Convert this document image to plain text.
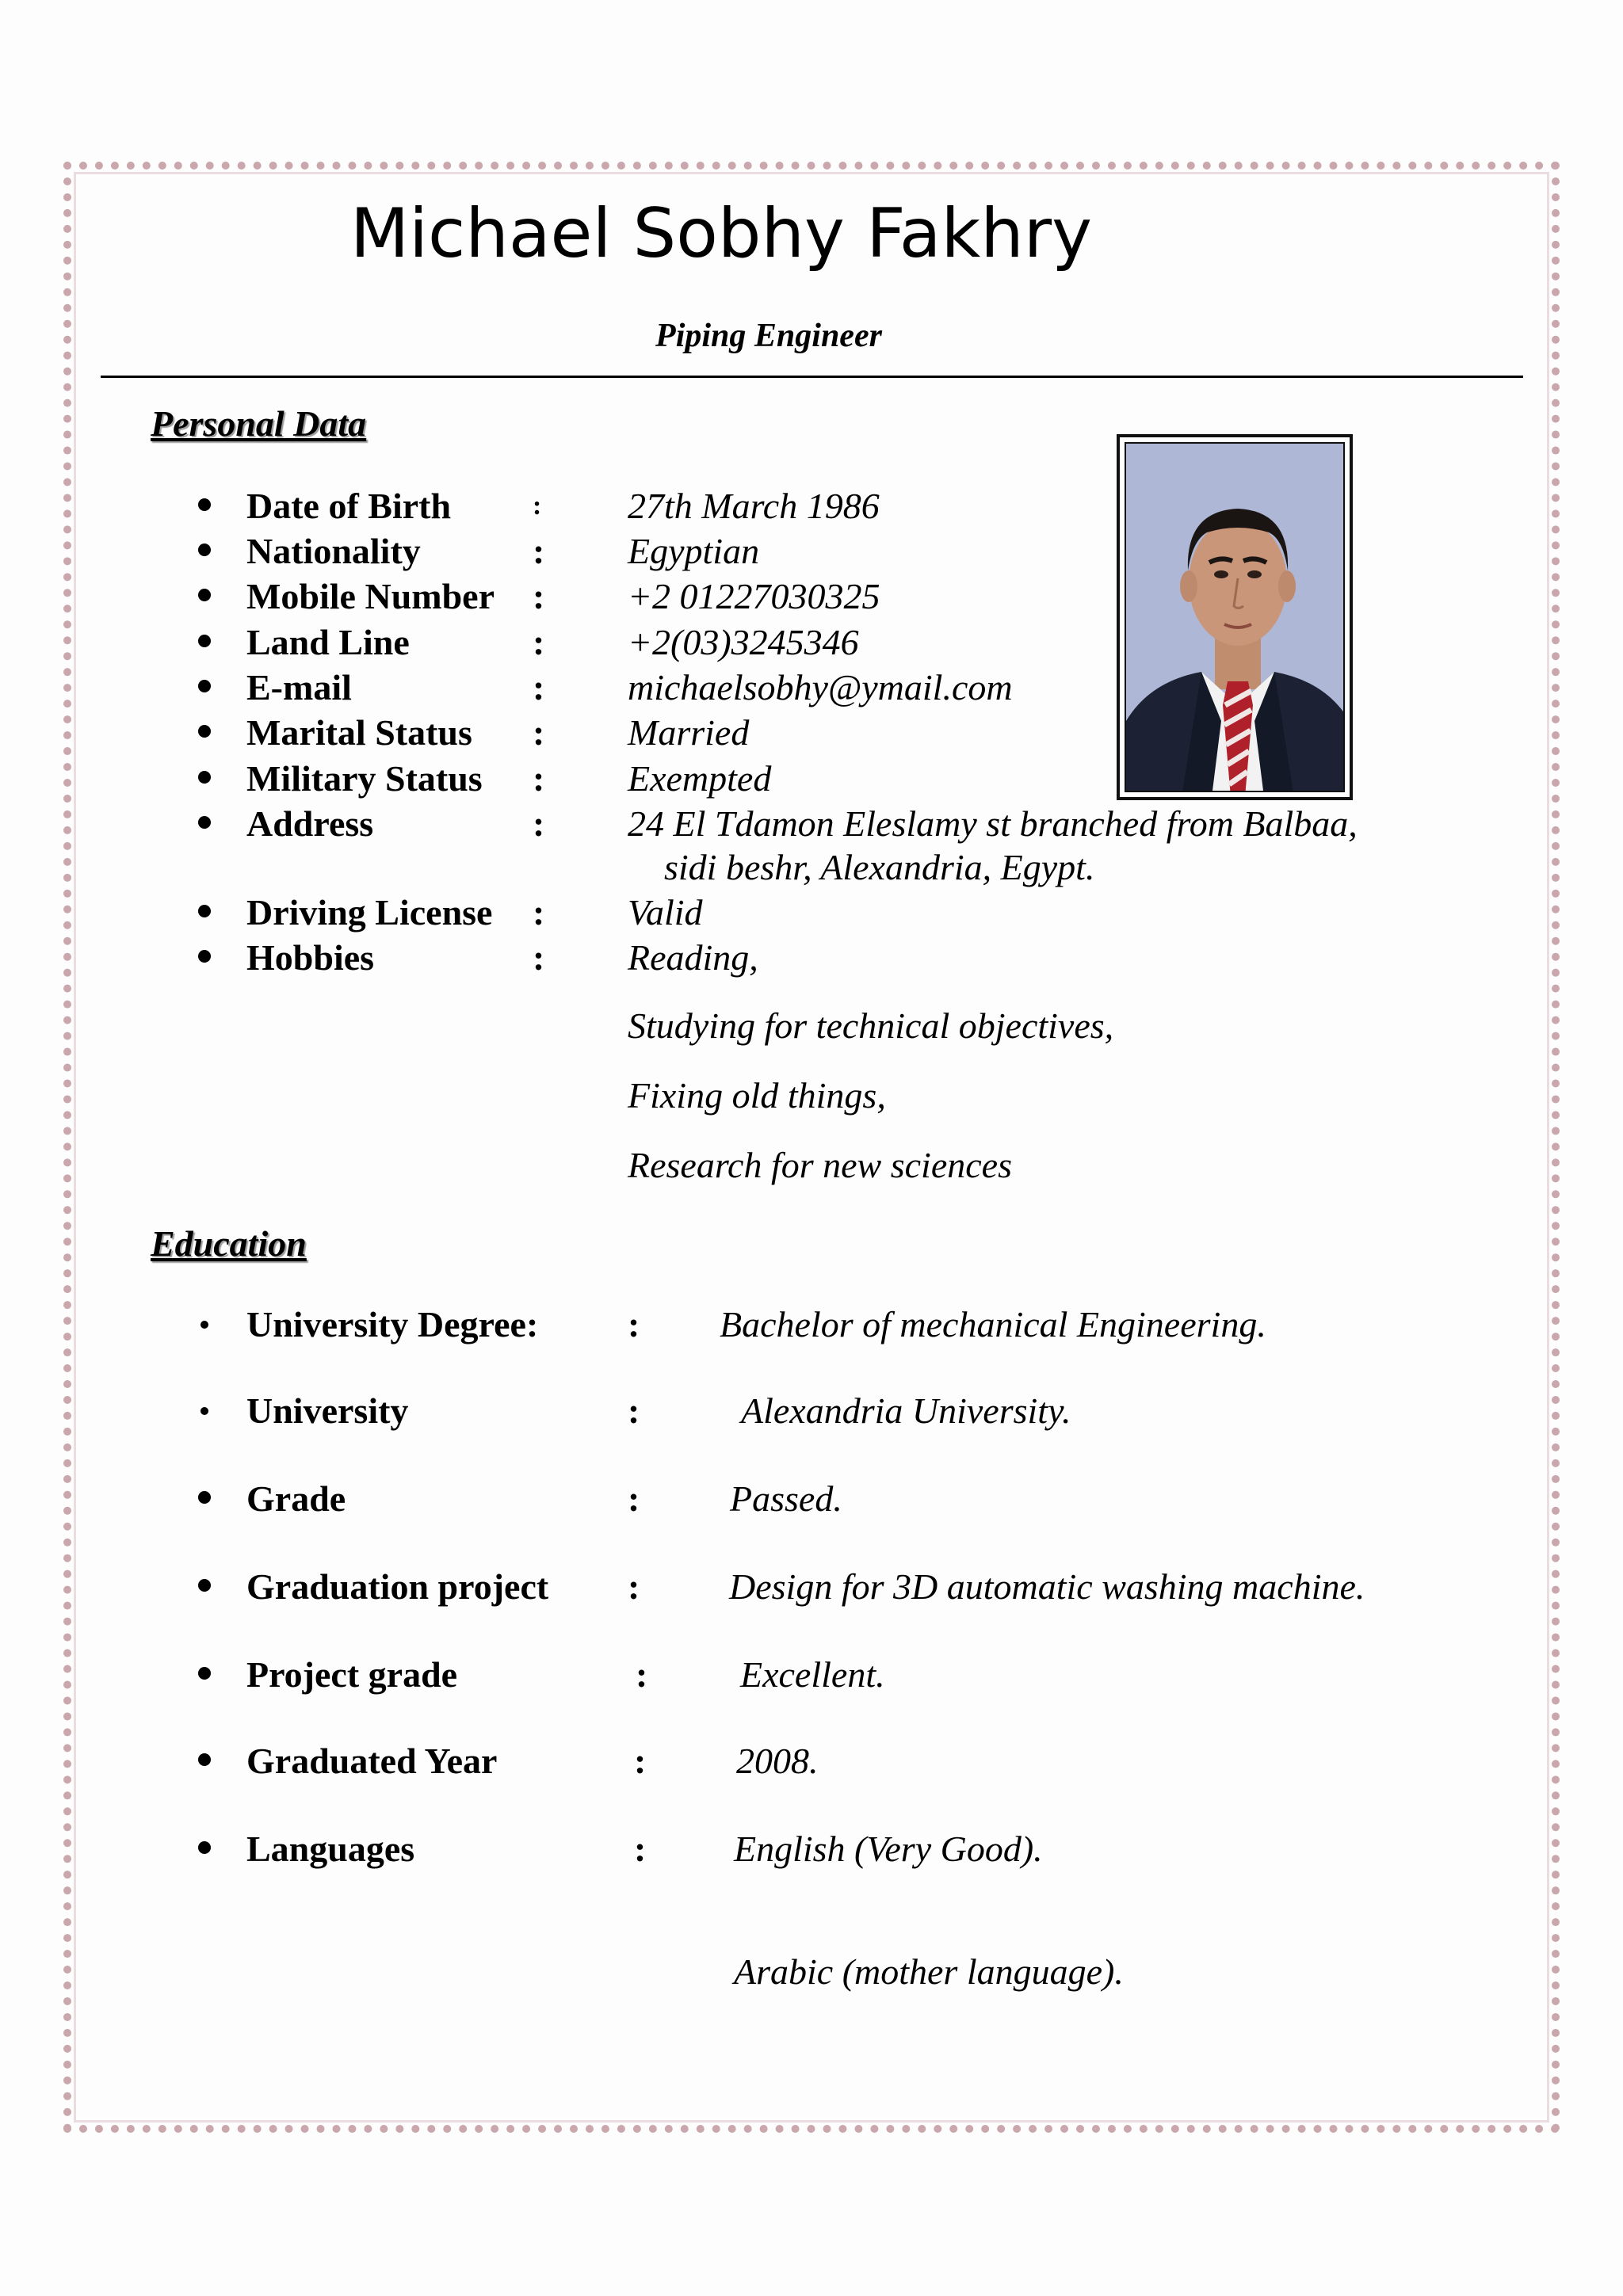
Michael Sobhy Fakhry
Piping Engineer
Personal Data
Date of Birth	: 27th March 1986
Nationality	: Egyptian
Mobile Number : +2 01227030325
Land Line	: +2(03)3245346
E-mail	: michaelsobhy@ymail.com
Marital Status : Married
Military Status : Exempted
Address	: 24 El Tdamon Eleslamy st branched from Balbaa,
sidi beshr, Alexandria, Egypt.
Driving License : Valid
Hobbies	: Reading,
Studying for technical objectives,
Fixing old things,
Research for new sciences
Education
University Degree: : Bachelor of mechanical Engineering.
University	:	Alexandria University.
Grade	: Passed.
Graduation project : Design for 3D automatic washing machine.
Project grade	:	Excellent.
Graduated Year	: 2008.
Languages	: English (Very Good).
Arabic (mother language).
